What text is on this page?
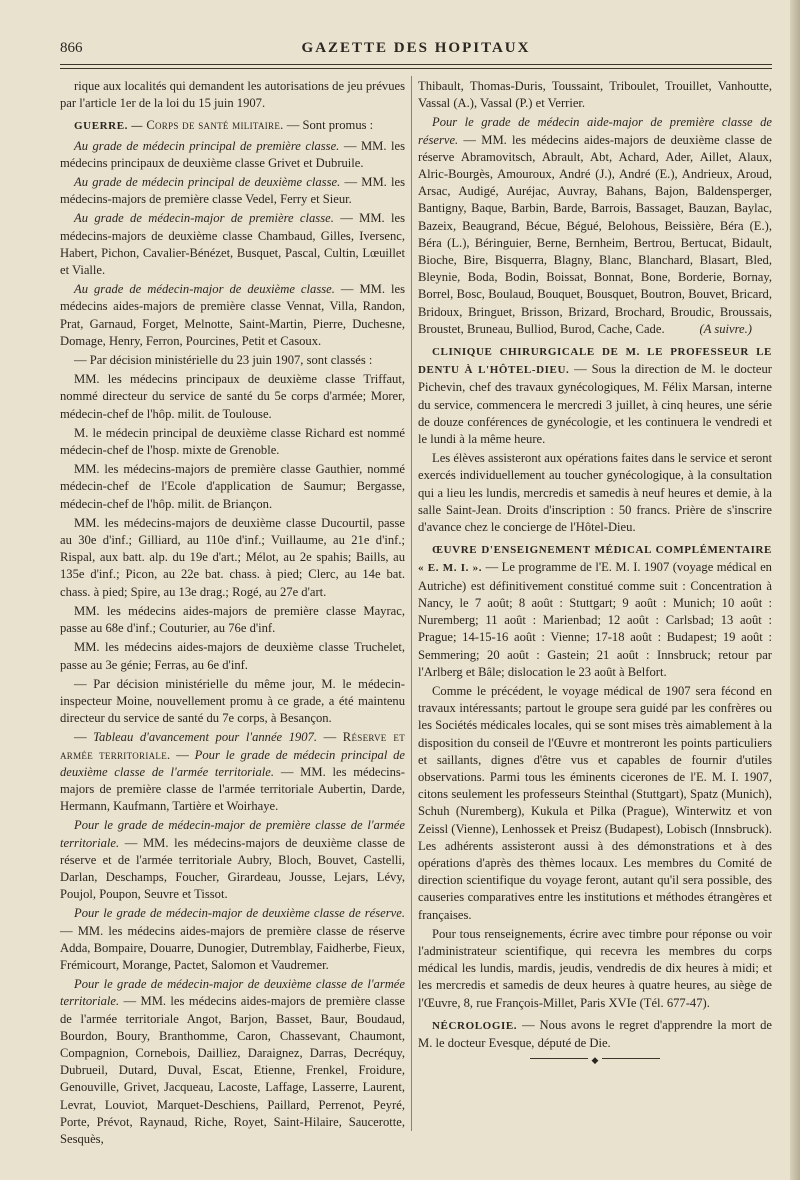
866	GAZETTE DES HOPITAUX

rique aux localités qui demandent les autorisations de jeu prévues par l'article 1er de la loi du 15 juin 1907.

GUERRE. — Corps de santé militaire. — Sont promus :

Au grade de médecin principal de première classe. — MM. les médecins principaux de deuxième classe Grivet et Dubruile.

Au grade de médecin principal de deuxième classe. — MM. les médecins-majors de première classe Vedel, Ferry et Sieur.

Au grade de médecin-major de première classe. — MM. les médecins-majors de deuxième classe Chambaud, Gilles, Iversenc, Habert, Pichon, Cavalier-Bénézet, Busquet, Pascal, Cultin, Lœuillet et Vialle.

Au grade de médecin-major de deuxième classe. — MM. les médecins aides-majors de première classe Vennat, Villa, Randon, Prat, Garnaud, Forget, Melnotte, Saint-Martin, Pierre, Duchesne, Domage, Henry, Ferron, Pourcines, Petit et Casoux.

— Par décision ministérielle du 23 juin 1907, sont classés :

MM. les médecins principaux de deuxième classe Triffaut, nommé directeur du service de santé du 5e corps d'armée; Morer, médecin-chef de l'hôp. milit. de Toulouse.

M. le médecin principal de deuxième classe Richard est nommé médecin-chef de l'hosp. mixte de Grenoble.

MM. les médecins-majors de première classe Gauthier, nommé médecin-chef de l'Ecole d'application de Saumur; Bergasse, médecin-chef de l'hôp. milit. de Briançon.

MM. les médecins-majors de deuxième classe Ducourtil, passe au 30e d'inf.; Gilliard, au 110e d'inf.; Vuillaume, au 21e d'inf.; Rispal, aux batt. alp. du 19e d'art.; Mélot, au 2e spahis; Baills, au 135e d'inf.; Picon, au 22e bat. chass. à pied; Clerc, au 14e bat. chass. à pied; Spire, au 13e drag.; Rogé, au 27e d'art.

MM. les médecins aides-majors de première classe Mayrac, passe au 68e d'inf.; Couturier, au 76e d'inf.

MM. les médecins aides-majors de deuxième classe Truchelet, passe au 3e génie; Ferras, au 6e d'inf.

— Par décision ministérielle du même jour, M. le médecin-inspecteur Moine, nouvellement promu à ce grade, a été maintenu directeur du service de santé du 7e corps, à Besançon.

— Tableau d'avancement pour l'année 1907. — Réserve et armée territoriale. — Pour le grade de médecin principal de deuxième classe de l'armée territoriale. — MM. les médecins-majors de première classe de l'armée territoriale Aubertin, Darde, Hermann, Kaufmann, Tartière et Woirhaye.

Pour le grade de médecin-major de première classe de l'armée territoriale. — MM. les médecins-majors de deuxième classe de réserve et de l'armée territoriale Aubry, Bloch, Bouvet, Castelli, Darlan, Deschamps, Foucher, Girardeau, Jousse, Lejars, Lévy, Poujol, Poupon, Seuvre et Tissot.

Pour le grade de médecin-major de deuxième classe de réserve. — MM. les médecins aides-majors de première classe de réserve Adda, Bompaire, Douarre, Dunogier, Dutremblay, Faidherbe, Fieux, Frémicourt, Morange, Pactet, Salomon et Vaudremer.

Pour le grade de médecin-major de deuxième classe de l'armée territoriale. — MM. les médecins aides-majors de première classe de l'armée territoriale Angot, Barjon, Basset, Baur, Boudaud, Bourdon, Boury, Branthomme, Caron, Chassevant, Chaumont, Compagnion, Cornebois, Dailliez, Daraignez, Darras, Decréquy, Dubrueil, Dutard, Duval, Escat, Etienne, Frenkel, Froidure, Genouville, Grivet, Jacqueau, Lacoste, Laffage, Lasserre, Laurent, Levrat, Louviot, Marquet-Deschiens, Paillard, Perrenot, Peyré, Porte, Prévot, Raynaud, Riche, Royet, Saint-Hilaire, Saucerotte, Sesquès,

Thibault, Thomas-Duris, Toussaint, Triboulet, Trouillet, Vanhoutte, Vassal (A.), Vassal (P.) et Verrier.

Pour le grade de médecin aide-major de première classe de réserve. — MM. les médecins aides-majors de deuxième classe de réserve Abramovitsch, Abrault, Abt, Achard, Ader, Aillet, Alaux, Alric-Bourgès, Amouroux, André (J.), André (E.), Andrieux, Aroud, Arsac, Audigé, Auréjac, Auvray, Bahans, Bajon, Baldensperger, Bantigny, Baque, Barbin, Barde, Barrois, Bassaget, Bauzan, Baylac, Bazeix, Beaugrand, Bécue, Bégué, Belohous, Beissière, Béra (E.), Béra (L.), Béringuier, Berne, Bernheim, Bertrou, Bertucat, Bidault, Bioche, Bire, Bisquerra, Blagny, Blanc, Blanchard, Blasart, Bled, Bleynie, Boda, Bodin, Boissat, Bonnat, Bone, Borderie, Bornay, Borrel, Bosc, Boulaud, Bouquet, Bousquet, Boutron, Bouvet, Bricard, Bridoux, Bringuet, Brisson, Brizard, Brochard, Broudic, Broussais, Broustet, Bruneau, Bulliod, Burod, Cache, Cade.	(A suivre.)

CLINIQUE CHIRURGICALE DE M. LE PROFESSEUR LE DENTU À L'HÔTEL-DIEU. — Sous la direction de M. le docteur Pichevin, chef des travaux gynécologiques, M. Félix Marsan, interne du service, commencera le mercredi 3 juillet, à cinq heures, une série de douze conférences de gynécologie, et les continuera le vendredi et le lundi à la même heure.

Les élèves assisteront aux opérations faites dans le service et seront exercés individuellement au toucher gynécologique, à la consultation qui a lieu les lundis, mercredis et samedis à neuf heures et demie, à la salle Saint-Jean. Droits d'inscription : 50 francs. Prière de s'inscrire d'avance chez le concierge de l'Hôtel-Dieu.

ŒUVRE D'ENSEIGNEMENT MÉDICAL COMPLÉMENTAIRE « E. M. I. ». — Le programme de l'E. M. I. 1907 (voyage médical en Autriche) est définitivement constitué comme suit : Concentration à Nancy, le 7 août; 8 août : Stuttgart; 9 août : Munich; 10 août : Nuremberg; 11 août : Marienbad; 12 août : Carlsbad; 13 août : Prague; 14-15-16 août : Vienne; 17-18 août : Budapest; 19 août : Semmering; 20 août : Gastein; 21 août : Innsbruck; retour par l'Arlberg et Bâle; dislocation le 23 août à Belfort.

Comme le précédent, le voyage médical de 1907 sera fécond en travaux intéressants; partout le groupe sera guidé par les confrères ou les Sociétés médicales locales, qui se sont mises très aimablement à la disposition du conseil de l'Œuvre et montreront les points particuliers et saillants, dignes d'être vus et capables de fournir d'utiles observations. Parmi tous les éminents cicerones de l'E. M. I. 1907, citons seulement les professeurs Steinthal (Stuttgart), Spatz (Munich), Schuh (Nuremberg), Kukula et Pilka (Prague), Winterwitz et von Zeissl (Vienne), Lenhossek et Preisz (Budapest), Lobisch (Innsbruck). Les adhérents assisteront aussi à des démonstrations et à des opérations d'après des thèmes locaux. Les membres du Comité de direction scientifique du voyage feront, autant qu'il sera possible, des causeries comparatives entre les institutions et méthodes étrangères et françaises.

Pour tous renseignements, écrire avec timbre pour réponse ou voir l'administrateur scientifique, qui recevra les membres du corps médical les lundis, mardis, jeudis, vendredis de dix heures à midi; et les mercredis et samedis de deux heures à quatre heures, au siège de l'Œuvre, 8, rue François-Millet, Paris XVIe (Tél. 677-47).

NÉCROLOGIE. — Nous avons le regret d'apprendre la mort de M. le docteur Evesque, député de Die.

◆
